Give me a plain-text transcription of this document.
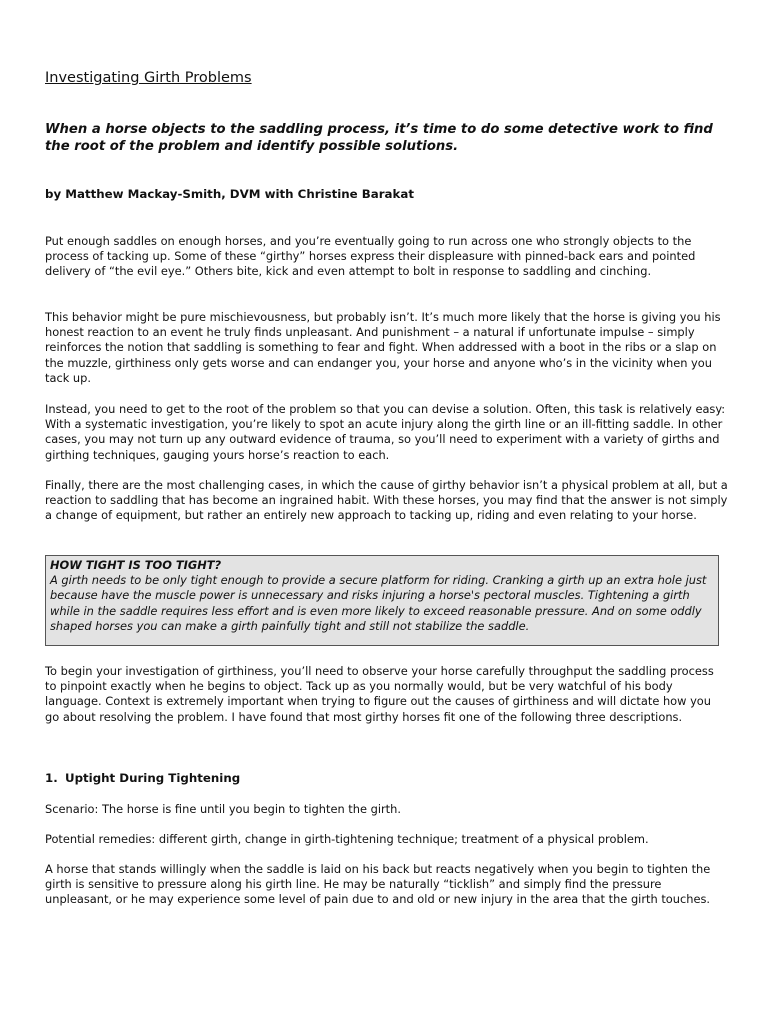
Investigating Girth Problems

When a horse objects to the saddling process, it’s time to do some detective work to find the root of the problem and identify possible solutions.

by Matthew Mackay-Smith, DVM with Christine Barakat

Put enough saddles on enough horses, and you’re eventually going to run across one who strongly objects to the process of tacking up. Some of these “girthy” horses express their displeasure with pinned-back ears and pointed delivery of “the evil eye.” Others bite, kick and even attempt to bolt in response to saddling and cinching.

This behavior might be pure mischievousness, but probably isn’t. It’s much more likely that the horse is giving you his honest reaction to an event he truly finds unpleasant. And punishment – a natural if unfortunate impulse – simply reinforces the notion that saddling is something to fear and fight. When addressed with a boot in the ribs or a slap on the muzzle, girthiness only gets worse and can endanger you, your horse and anyone who’s in the vicinity when you tack up.

Instead, you need to get to the root of the problem so that you can devise a solution. Often, this task is relatively easy: With a systematic investigation, you’re likely to spot an acute injury along the girth line or an ill-fitting saddle. In other cases, you may not turn up any outward evidence of trauma, so you’ll need to experiment with a variety of girths and girthing techniques, gauging yours horse’s reaction to each.

Finally, there are the most challenging cases, in which the cause of girthy behavior isn’t a physical problem at all, but a reaction to saddling that has become an ingrained habit. With these horses, you may find that the answer is not simply a change of equipment, but rather an entirely new approach to tacking up, riding and even relating to your horse.

HOW TIGHT IS TOO TIGHT?

A girth needs to be only tight enough to provide a secure platform for riding. Cranking a girth up an extra hole just because have the muscle power is unnecessary and risks injuring a horse's pectoral muscles. Tightening a girth while in the saddle requires less effort and is even more likely to exceed reasonable pressure. And on some oddly shaped horses you can make a girth painfully tight and still not stabilize the saddle.

To begin your investigation of girthiness, you’ll need to observe your horse carefully throughput the saddling process to pinpoint exactly when he begins to object. Tack up as you normally would, but be very watchful of his body language. Context is extremely important when trying to figure out the causes of girthiness and will dictate how you go about resolving the problem. I have found that most girthy horses fit one of the following three descriptions.

1. Uptight During Tightening

Scenario: The horse is fine until you begin to tighten the girth.

Potential remedies: different girth, change in girth-tightening technique; treatment of a physical problem.

A horse that stands willingly when the saddle is laid on his back but reacts negatively when you begin to tighten the girth is sensitive to pressure along his girth line. He may be naturally “ticklish” and simply find the pressure unpleasant, or he may experience some level of pain due to and old or new injury in the area that the girth touches.
